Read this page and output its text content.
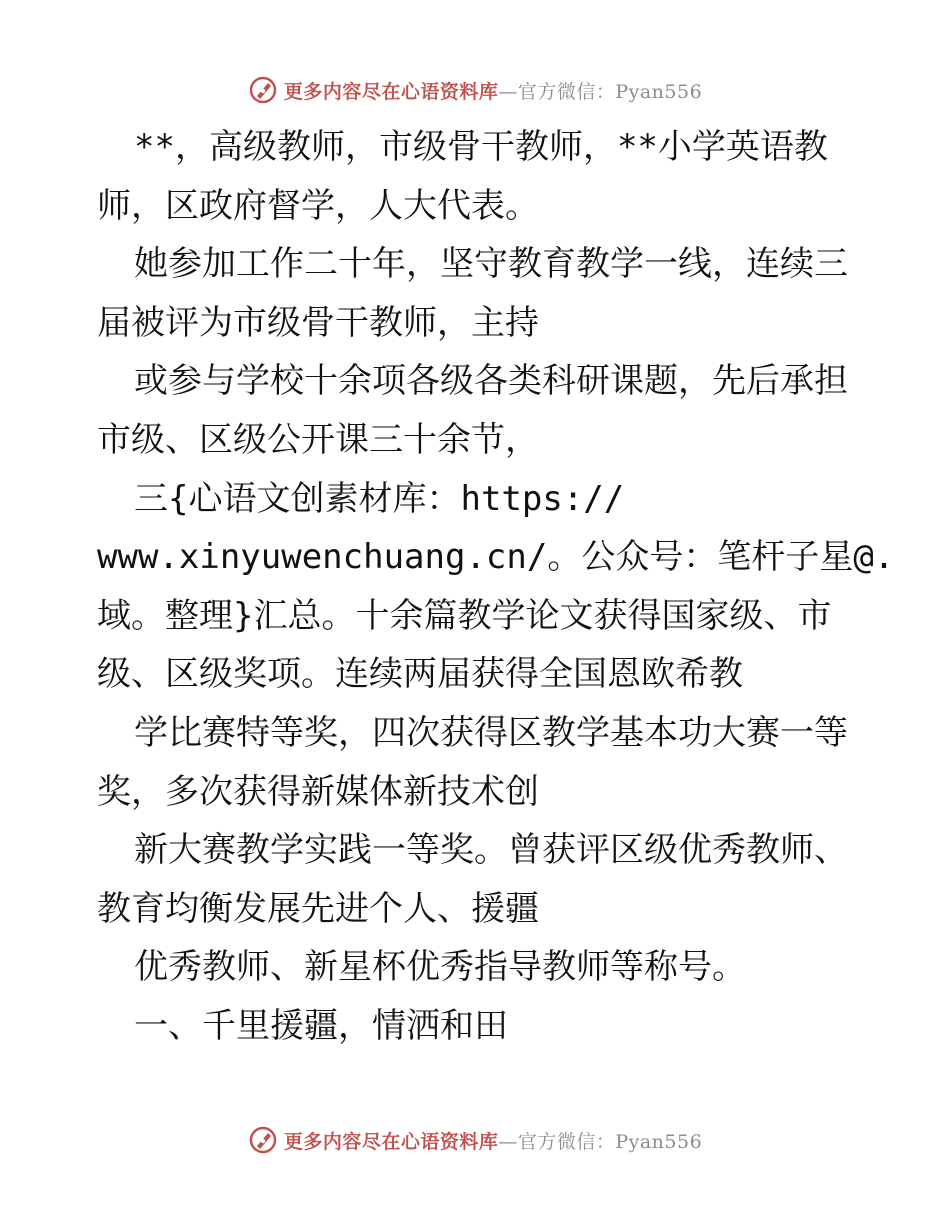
更多内容尽在心语资料库 —官方微信：Pyan556
**，高级教师，市级骨干教师，**小学英语教
师，区政府督学，人大代表。
她参加工作二十年，坚守教育教学一线，连续三
届被评为市级骨干教师，主持
或参与学校十余项各级各类科研课题，先后承担
市级、区级公开课三十余节，
三{心语文创素材库：https://
www.xinyuwenchuang.cn/。公众号：笔杆子星@.
域。整理}汇总。十余篇教学论文获得国家级、市
级、区级奖项。连续两届获得全国恩欧希教
学比赛特等奖，四次获得区教学基本功大赛一等
奖，多次获得新媒体新技术创
新大赛教学实践一等奖。曾获评区级优秀教师、
教育均衡发展先进个人、援疆
优秀教师、新星杯优秀指导教师等称号。
一、千里援疆，情洒和田
更多内容尽在心语资料库 —官方微信：Pyan556
